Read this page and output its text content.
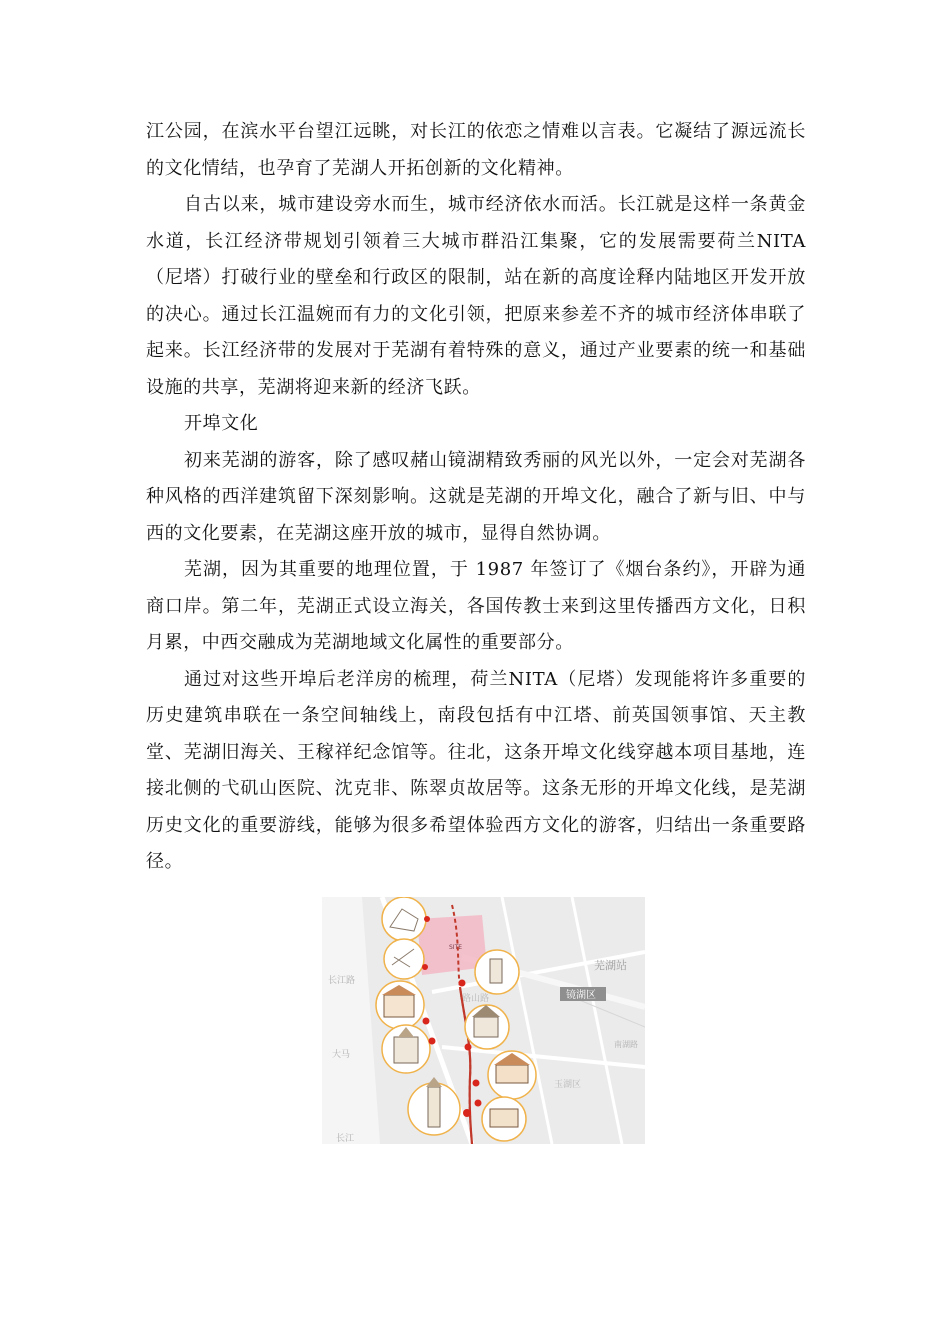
江公园，在滨水平台望江远眺，对长江的依恋之情难以言表。它凝结了源远流长的文化情结，也孕育了芜湖人开拓创新的文化精神。

自古以来，城市建设旁水而生，城市经济依水而活。长江就是这样一条黄金水道，长江经济带规划引领着三大城市群沿江集聚，它的发展需要荷兰NITA（尼塔）打破行业的壁垒和行政区的限制，站在新的高度诠释内陆地区开发开放的决心。通过长江温婉而有力的文化引领，把原来参差不齐的城市经济体串联了起来。长江经济带的发展对于芜湖有着特殊的意义，通过产业要素的统一和基础设施的共享，芜湖将迎来新的经济飞跃。

开埠文化

初来芜湖的游客，除了感叹赭山镜湖精致秀丽的风光以外，一定会对芜湖各种风格的西洋建筑留下深刻影响。这就是芜湖的开埠文化，融合了新与旧、中与西的文化要素，在芜湖这座开放的城市，显得自然协调。

芜湖，因为其重要的地理位置，于 1987 年签订了《烟台条约》，开辟为通商口岸。第二年，芜湖正式设立海关，各国传教士来到这里传播西方文化，日积月累，中西交融成为芜湖地域文化属性的重要部分。

通过对这些开埠后老洋房的梳理，荷兰NITA（尼塔）发现能将许多重要的历史建筑串联在一条空间轴线上，南段包括有中江塔、前英国领事馆、天主教堂、芜湖旧海关、王稼祥纪念馆等。往北，这条开埠文化线穿越本项目基地，连接北侧的弋矶山医院、沈克非、陈翠贞故居等。这条无形的开埠文化线，是芜湖历史文化的重要游线，能够为很多希望体验西方文化的游客，归结出一条重要路径。

芜湖站
镜湖区
长江路
大马
长江
路山路
南湖路
玉湖区
SITE
